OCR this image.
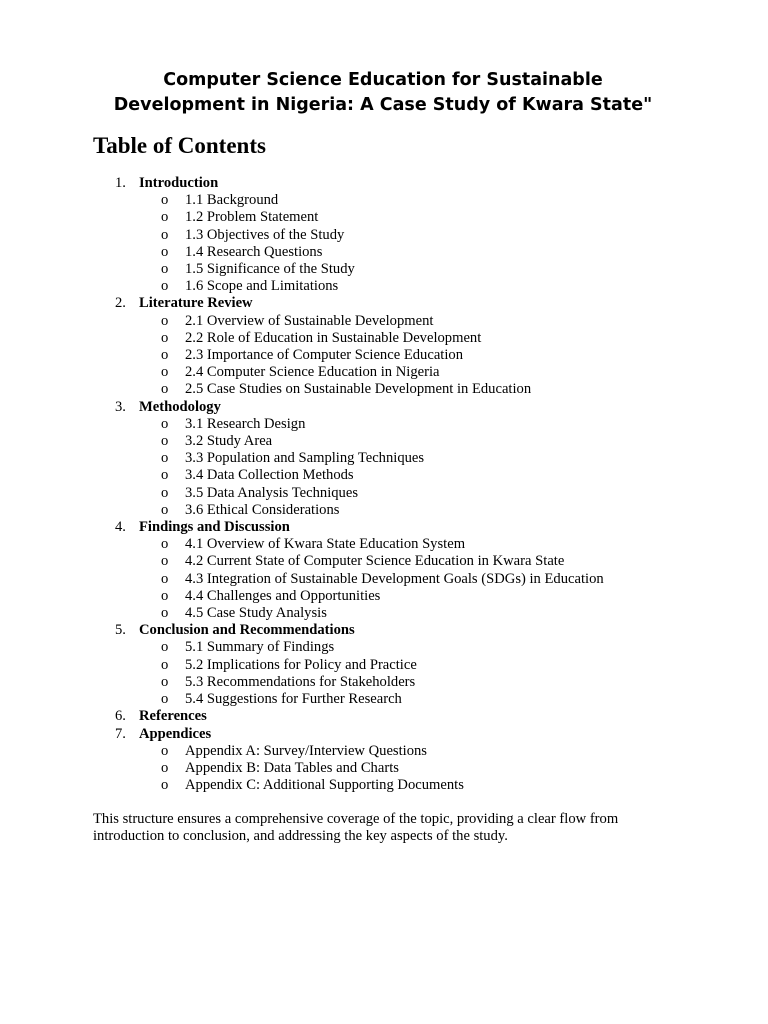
Computer Science Education for Sustainable Development in Nigeria: A Case Study of Kwara State"
Table of Contents
1. Introduction
o 1.1 Background
o 1.2 Problem Statement
o 1.3 Objectives of the Study
o 1.4 Research Questions
o 1.5 Significance of the Study
o 1.6 Scope and Limitations
2. Literature Review
o 2.1 Overview of Sustainable Development
o 2.2 Role of Education in Sustainable Development
o 2.3 Importance of Computer Science Education
o 2.4 Computer Science Education in Nigeria
o 2.5 Case Studies on Sustainable Development in Education
3. Methodology
o 3.1 Research Design
o 3.2 Study Area
o 3.3 Population and Sampling Techniques
o 3.4 Data Collection Methods
o 3.5 Data Analysis Techniques
o 3.6 Ethical Considerations
4. Findings and Discussion
o 4.1 Overview of Kwara State Education System
o 4.2 Current State of Computer Science Education in Kwara State
o 4.3 Integration of Sustainable Development Goals (SDGs) in Education
o 4.4 Challenges and Opportunities
o 4.5 Case Study Analysis
5. Conclusion and Recommendations
o 5.1 Summary of Findings
o 5.2 Implications for Policy and Practice
o 5.3 Recommendations for Stakeholders
o 5.4 Suggestions for Further Research
6. References
7. Appendices
o Appendix A: Survey/Interview Questions
o Appendix B: Data Tables and Charts
o Appendix C: Additional Supporting Documents

This structure ensures a comprehensive coverage of the topic, providing a clear flow from introduction to conclusion, and addressing the key aspects of the study.
